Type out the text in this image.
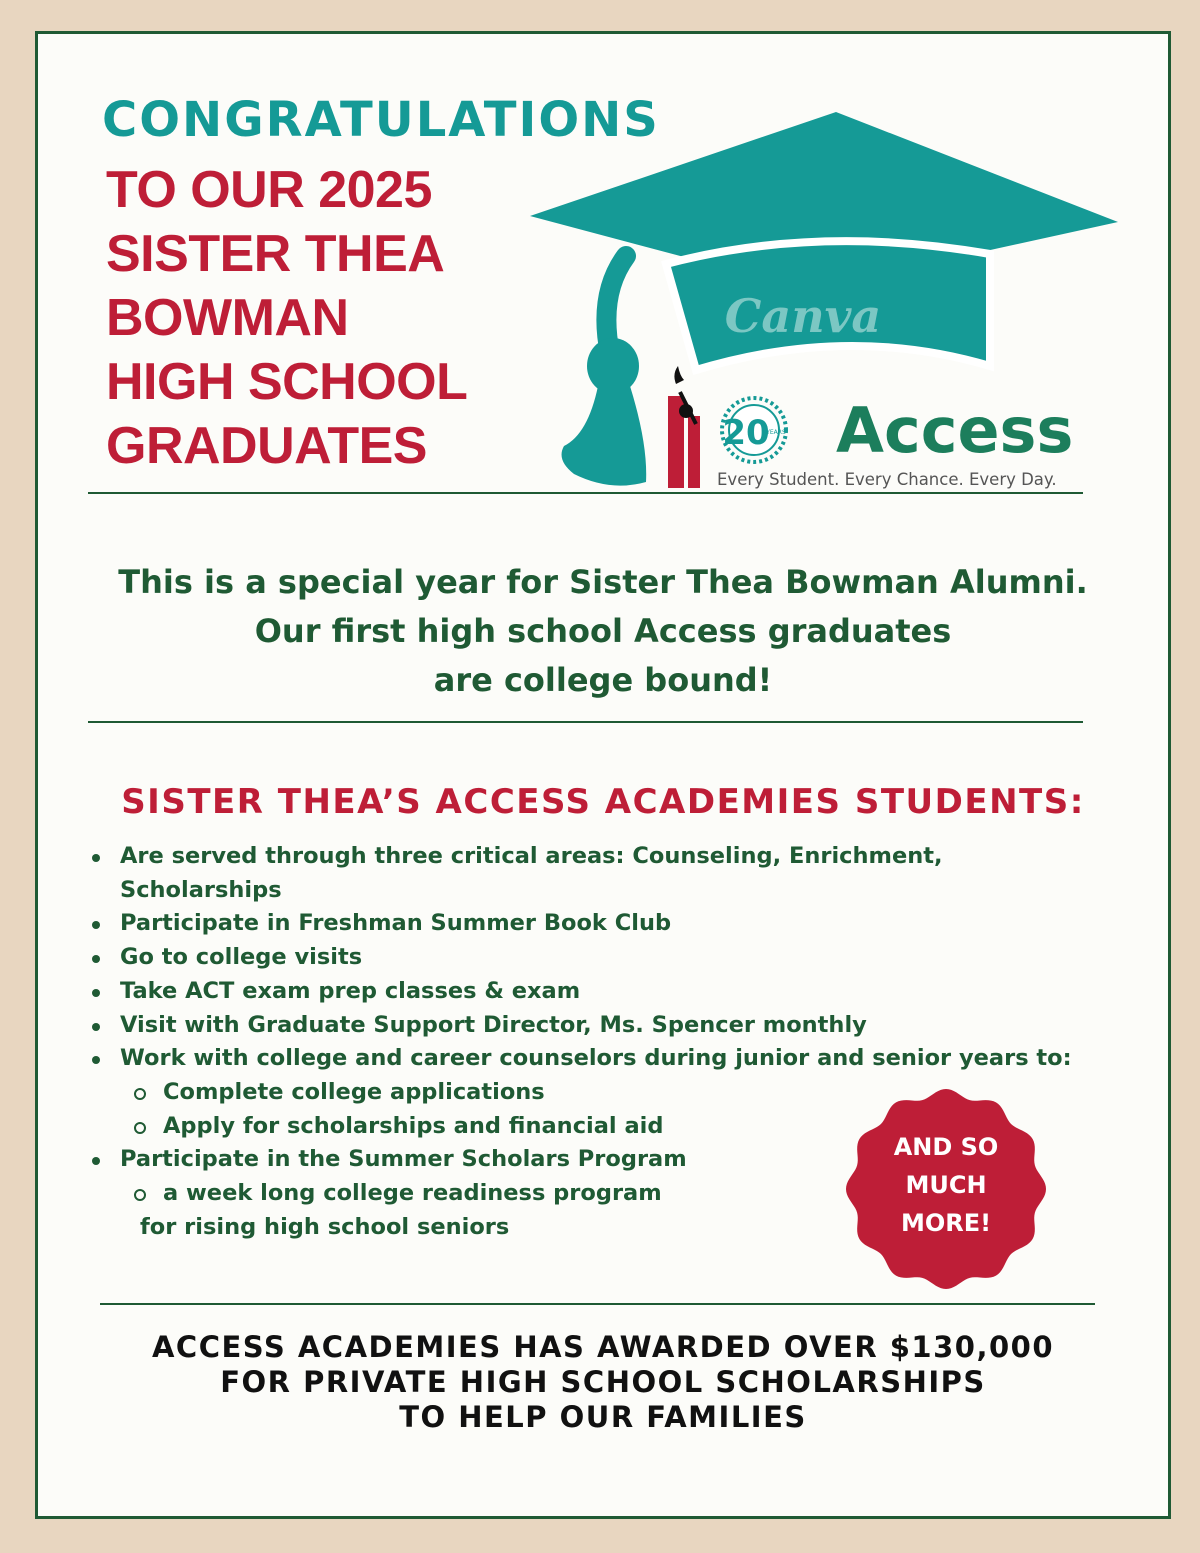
CONGRATULATIONS
TO OUR 2025
SISTER THEA
BOWMAN
HIGH SCHOOL
GRADUATES
Canva
20
YEARS Access
Every Student. Every Chance. Every Day.
This is a special year for Sister Thea Bowman Alumni.
Our first high school Access graduates
are college bound!
SISTER THEA’S ACCESS ACADEMIES STUDENTS:
Are served through three critical areas: Counseling, Enrichment,
Scholarships
Participate in Freshman Summer Book Club
Go to college visits
Take ACT exam prep classes & exam
Visit with Graduate Support Director, Ms. Spencer monthly
Work with college and career counselors during junior and senior years to:
Complete college applications
Apply for scholarships and financial aid
Participate in the Summer Scholars Program
a week long college readiness program
for rising high school seniors
AND SO
MUCH
MORE!
ACCESS ACADEMIES HAS AWARDED OVER $130,000
FOR PRIVATE HIGH SCHOOL SCHOLARSHIPS
TO HELP OUR FAMILIES
